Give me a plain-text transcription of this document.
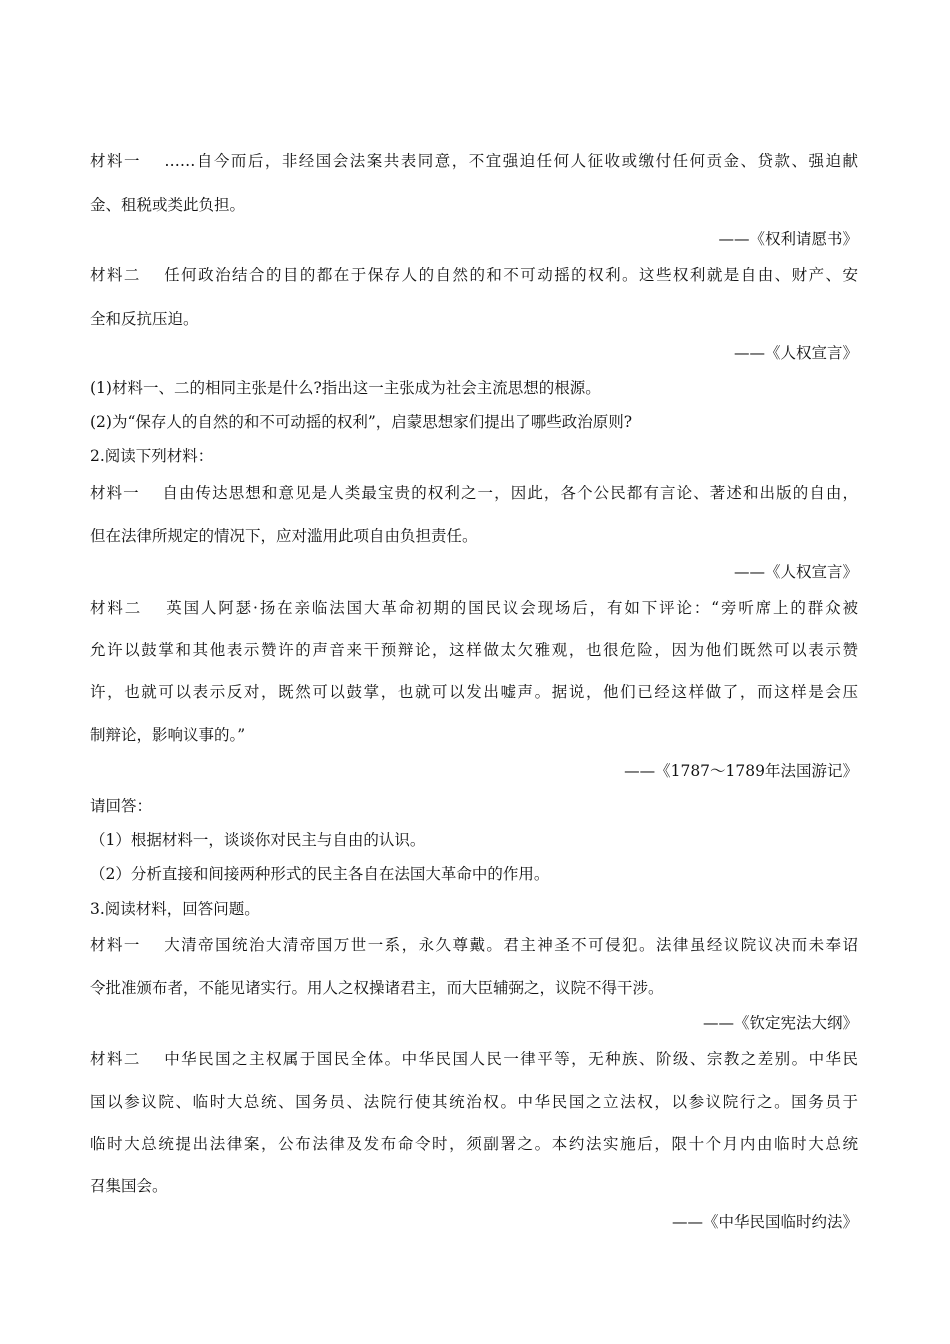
材料一　 ……自今而后，非经国会法案共表同意，不宜强迫任何人征收或缴付任何贡金、贷款、强迫献
金、租税或类此负担。
——《权利请愿书》
材料二　 任何政治结合的目的都在于保存人的自然的和不可动摇的权利。这些权利就是自由、财产、安
全和反抗压迫。
——《人权宣言》
(1)材料一、二的相同主张是什么?指出这一主张成为社会主流思想的根源。
(2)为“保存人的自然的和不可动摇的权利”，启蒙思想家们提出了哪些政治原则?
2.阅读下列材料：
材料一　 自由传达思想和意见是人类最宝贵的权利之一，因此，各个公民都有言论、著述和出版的自由，
但在法律所规定的情况下，应对滥用此项自由负担责任。
——《人权宣言》
材料二　 英国人阿瑟·扬在亲临法国大革命初期的国民议会现场后，有如下评论：“旁听席上的群众被
允许以鼓掌和其他表示赞许的声音来干预辩论，这样做太欠雅观，也很危险，因为他们既然可以表示赞
许，也就可以表示反对，既然可以鼓掌，也就可以发出嘘声。据说，他们已经这样做了，而这样是会压
制辩论，影响议事的。”
——《1787～1789年法国游记》
请回答：
（1）根据材料一，谈谈你对民主与自由的认识。
（2）分析直接和间接两种形式的民主各自在法国大革命中的作用。
3.阅读材料，回答问题。
材料一　 大清帝国统治大清帝国万世一系，永久尊戴。君主神圣不可侵犯。法律虽经议院议决而未奉诏
令批准颁布者，不能见诸实行。用人之权操诸君主，而大臣辅弼之，议院不得干涉。
——《钦定宪法大纲》
材料二　 中华民国之主权属于国民全体。中华民国人民一律平等，无种族、阶级、宗教之差别。中华民
国以参议院、临时大总统、国务员、法院行使其统治权。中华民国之立法权，以参议院行之。国务员于
临时大总统提出法律案，公布法律及发布命令时，须副署之。本约法实施后，限十个月内由临时大总统
召集国会。
——《中华民国临时约法》
